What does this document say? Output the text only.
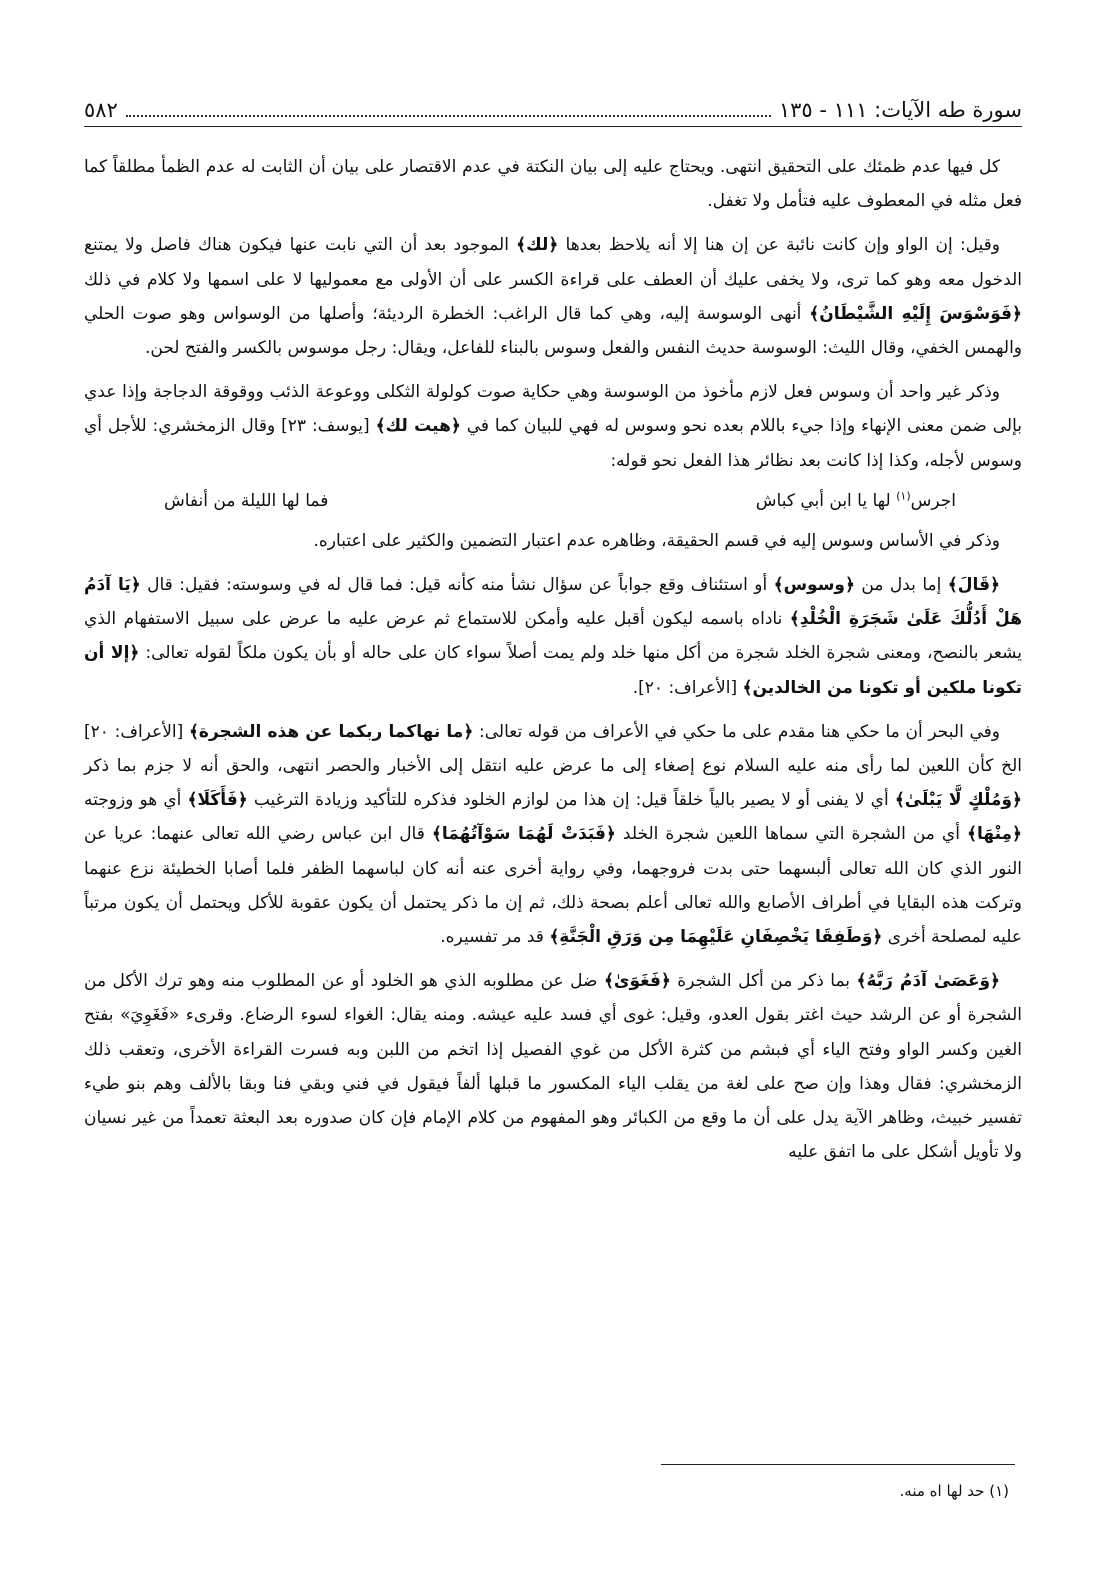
سورة طه الآيات: ١١١ - ١٣٥
٥٨٢

كل فيها عدم ظمئك على التحقيق انتهى. ويحتاج عليه إلى بيان النكتة في عدم الاقتصار على بيان أن الثابت له عدم الظمأ مطلقاً كما فعل مثله في المعطوف عليه فتأمل ولا تغفل.

وقيل: إن الواو وإن كانت نائبة عن إن هنا إلا أنه يلاحظ بعدها ﴿لك﴾ الموجود بعد أن التي نابت عنها فيكون هناك فاصل ولا يمتنع الدخول معه وهو كما ترى، ولا يخفى عليك أن العطف على قراءة الكسر على أن الأولى مع معموليها لا على اسمها ولا كلام في ذلك ﴿فَوَسْوَسَ إِلَيْهِ الشَّيْطَانُ﴾ أنهى الوسوسة إليه، وهي كما قال الراغب: الخطرة الرديئة؛ وأصلها من الوسواس وهو صوت الحلي والهمس الخفي، وقال الليث: الوسوسة حديث النفس والفعل وسوس بالبناء للفاعل، ويقال: رجل موسوس بالكسر والفتح لحن.

وذكر غير واحد أن وسوس فعل لازم مأخوذ من الوسوسة وهي حكاية صوت كولولة الثكلى ووعوعة الذئب ووقوقة الدجاجة وإذا عدي بإلى ضمن معنى الإنهاء وإذا جيء باللام بعده نحو وسوس له فهي للبيان كما في ﴿هيت لك﴾ [يوسف: ٢٣] وقال الزمخشري: للأجل أي وسوس لأجله، وكذا إذا كانت بعد نظائر هذا الفعل نحو قوله:

اجرس$^{(١)}$ لها يا ابن أبي كباش
فما لها الليلة من أنفاش

وذكر في الأساس وسوس إليه في قسم الحقيقة، وظاهره عدم اعتبار التضمين والكثير على اعتباره.

﴿قَالَ﴾ إما بدل من ﴿وسوس﴾ أو استئناف وقع جواباً عن سؤال نشأ منه كأنه قيل: فما قال له في وسوسته: فقيل: قال ﴿يَا آدَمُ هَلْ أَدُلُّكَ عَلَىٰ شَجَرَةِ الْخُلْدِ﴾ ناداه باسمه ليكون أقبل عليه وأمكن للاستماع ثم عرض عليه ما عرض على سبيل الاستفهام الذي يشعر بالنصح، ومعنى شجرة الخلد شجرة من أكل منها خلد ولم يمت أصلاً سواء كان على حاله أو بأن يكون ملكاً لقوله تعالى: ﴿إلا أن تكونا ملكين أو تكونا من الخالدين﴾ [الأعراف: ٢٠].

وفي البحر أن ما حكي هنا مقدم على ما حكي في الأعراف من قوله تعالى: ﴿ما نهاكما ربكما عن هذه الشجرة﴾ [الأعراف: ٢٠] الخ كأن اللعين لما رأى منه عليه السلام نوع إصغاء إلى ما عرض عليه انتقل إلى الأخبار والحصر انتهى، والحق أنه لا جزم بما ذكر ﴿وَمُلْكٍ لَّا يَبْلَىٰ﴾ أي لا يفنى أو لا يصير بالياً خلقاً قيل: إن هذا من لوازم الخلود فذكره للتأكيد وزيادة الترغيب ﴿فَأَكَلَا﴾ أي هو وزوجته ﴿مِنْهَا﴾ أي من الشجرة التي سماها اللعين شجرة الخلد ﴿فَبَدَتْ لَهُمَا سَوْآتُهُمَا﴾ قال ابن عباس رضي الله تعالى عنهما: عريا عن النور الذي كان الله تعالى ألبسهما حتى بدت فروجهما، وفي رواية أخرى عنه أنه كان لباسهما الظفر فلما أصابا الخطيئة نزع عنهما وتركت هذه البقايا في أطراف الأصابع والله تعالى أعلم بصحة ذلك، ثم إن ما ذكر يحتمل أن يكون عقوبة للأكل ويحتمل أن يكون مرتباً عليه لمصلحة أخرى ﴿وَطَفِقَا يَخْصِفَانِ عَلَيْهِمَا مِن وَرَقِ الْجَنَّةِ﴾ قد مر تفسيره.

﴿وَعَصَىٰ آدَمُ رَبَّهُ﴾ بما ذكر من أكل الشجرة ﴿فَغَوَىٰ﴾ ضل عن مطلوبه الذي هو الخلود أو عن المطلوب منه وهو ترك الأكل من الشجرة أو عن الرشد حيث اغتر بقول العدو، وقيل: غوى أي فسد عليه عيشه. ومنه يقال: الغواء لسوء الرضاع. وقرىء «فَغَوِيَ» بفتح الغين وكسر الواو وفتح الياء أي فبشم من كثرة الأكل من غوي الفصيل إذا اتخم من اللبن وبه فسرت القراءة الأخرى، وتعقب ذلك الزمخشري: فقال وهذا وإن صح على لغة من يقلب الياء المكسور ما قبلها ألفاً فيقول في فني وبقي فنا وبقا بالألف وهم بنو طيء تفسير خبيث، وظاهر الآية يدل على أن ما وقع من الكبائر وهو المفهوم من كلام الإمام فإن كان صدوره بعد البعثة تعمداً من غير نسيان ولا تأويل أشكل على ما اتفق عليه

(١) حد لها اه منه.
